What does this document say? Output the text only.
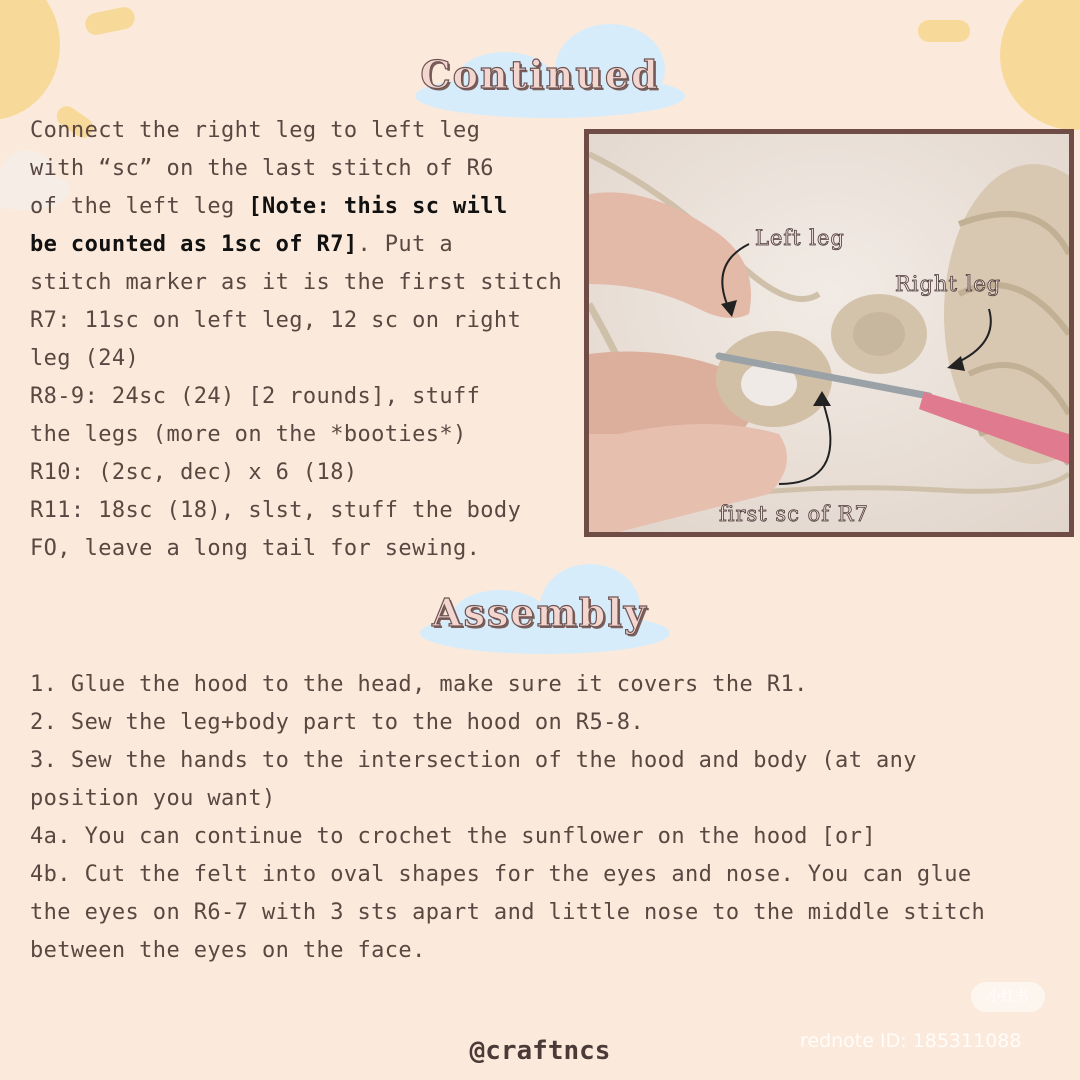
Continued

Connect the right leg to left leg

with “sc” on the last stitch of R6

of the left leg [Note: this sc will

be counted as 1sc of R7]. Put a

stitch marker as it is the first stitch

R7: 11sc on left leg, 12 sc on right

leg (24)

R8-9: 24sc (24) [2 rounds], stuff

the legs (more on the *booties*)

R10: (2sc, dec) x 6 (18)

R11: 18sc (18), slst, stuff the body

FO, leave a long tail for sewing.

Left leg
Right leg
first sc of R7
Assembly

1. Glue the hood to the head, make sure it covers the R1.

2. Sew the leg+body part to the hood on R5-8.

3. Sew the hands to the intersection of the hood and body (at any

position you want)

4a. You can continue to crochet the sunflower on the hood [or]

4b. Cut the felt into oval shapes for the eyes and nose. You can glue

the eyes on R6-7 with 3 sts apart and little nose to the middle stitch

between the eyes on the face.

小红书
rednote ID: 185311088
@craftncs
